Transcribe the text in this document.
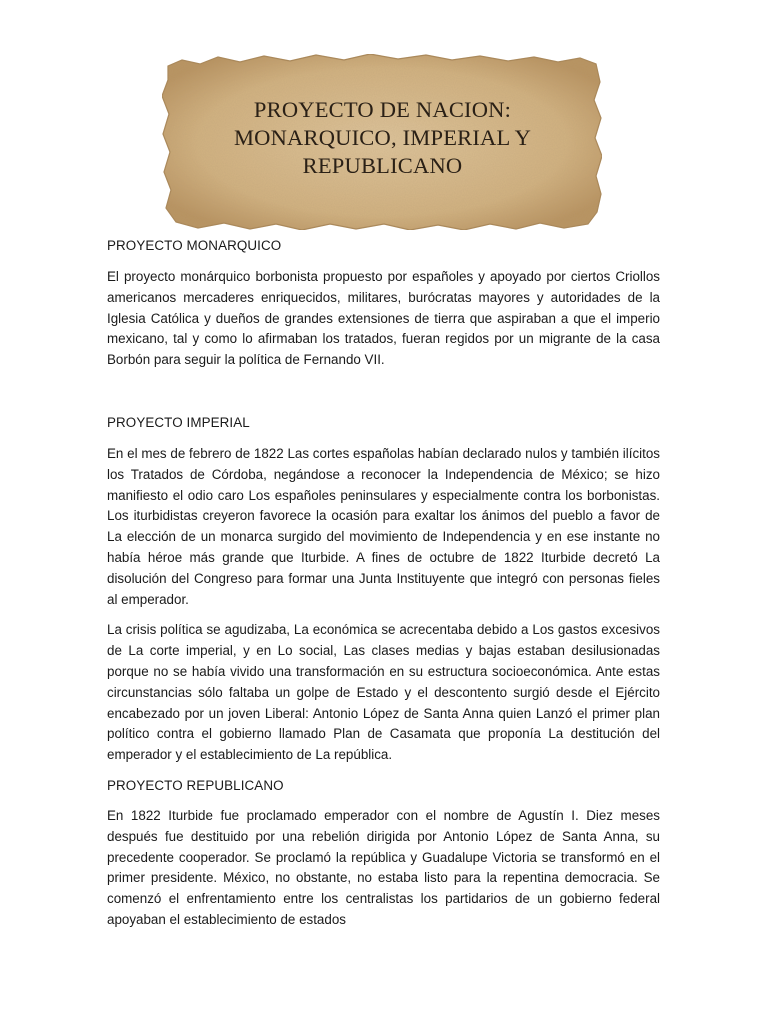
PROYECTO DE NACION:
MONARQUICO, IMPERIAL Y
REPUBLICANO

PROYECTO MONARQUICO

El proyecto monárquico borbonista propuesto por españoles y apoyado por ciertos Criollos americanos mercaderes enriquecidos, militares, burócratas mayores y autoridades de la Iglesia Católica y dueños de grandes extensiones de tierra que aspiraban a que el imperio mexicano, tal y como lo afirmaban los tratados, fueran regidos por un migrante de la casa Borbón para seguir la política de Fernando VII.

PROYECTO IMPERIAL

En el mes de febrero de 1822 Las cortes españolas habían declarado nulos y también ilícitos los Tratados de Córdoba, negándose a reconocer la Independencia de México; se hizo manifiesto el odio caro Los españoles peninsulares y especialmente contra los borbonistas. Los iturbidistas creyeron favorece la ocasión para exaltar los ánimos del pueblo a favor de La elección de un monarca surgido del movimiento de Independencia y en ese instante no había héroe más grande que Iturbide. A fines de octubre de 1822 Iturbide decretó La disolución del Congreso para formar una Junta Instituyente que integró con personas fieles al emperador.

La crisis política se agudizaba, La económica se acrecentaba debido a Los gastos excesivos de La corte imperial, y en Lo social, Las clases medias y bajas estaban desilusionadas porque no se había vivido una transformación en su estructura socioeconómica. Ante estas circunstancias sólo faltaba un golpe de Estado y el descontento surgió desde el Ejército encabezado por un joven Liberal: Antonio López de Santa Anna quien Lanzó el primer plan político contra el gobierno llamado Plan de Casamata que proponía La destitución del emperador y el establecimiento de La república.

PROYECTO REPUBLICANO

En 1822 Iturbide fue proclamado emperador con el nombre de Agustín I. Diez meses después fue destituido por una rebelión dirigida por Antonio López de Santa Anna, su precedente cooperador. Se proclamó la república y Guadalupe Victoria se transformó en el primer presidente. México, no obstante, no estaba listo para la repentina democracia. Se comenzó el enfrentamiento entre los centralistas los partidarios de un gobierno federal apoyaban el establecimiento de estados
